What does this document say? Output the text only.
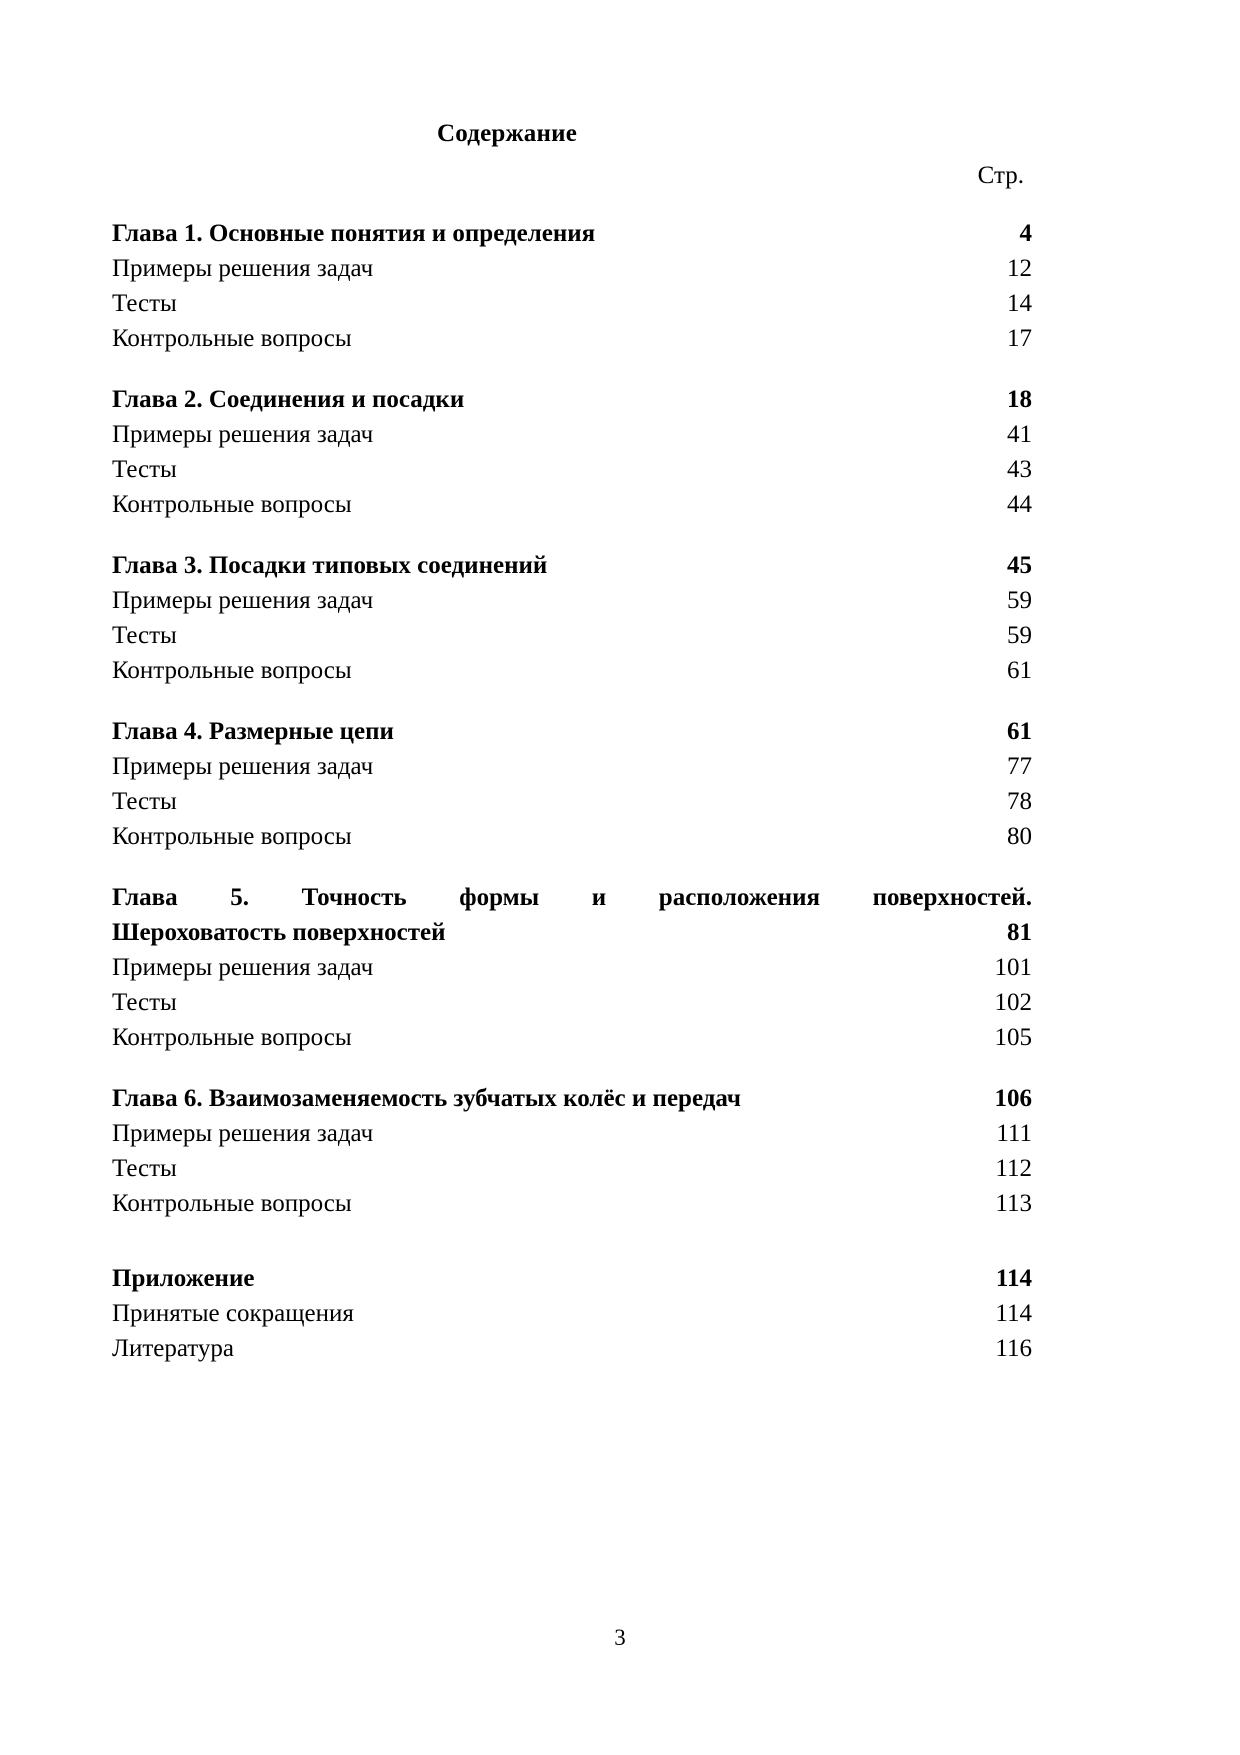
Содержание
Стр.
Глава 1. Основные понятия и определения	4
Примеры решения задач	12
Тесты	14
Контрольные вопросы	17
Глава 2. Соединения и посадки	18
Примеры решения задач	41
Тесты	43
Контрольные вопросы	44
Глава 3. Посадки типовых соединений	45
Примеры решения задач	59
Тесты	59
Контрольные вопросы	61
Глава 4. Размерные цепи	61
Примеры решения задач	77
Тесты	78
Контрольные вопросы	80
Глава 5. Точность формы и расположения поверхностей.
Шероховатость поверхностей	81
Примеры решения задач	101
Тесты	102
Контрольные вопросы	105
Глава 6. Взаимозаменяемость зубчатых колёс и передач	106
Примеры решения задач	111
Тесты	112
Контрольные вопросы	113
Приложение	114
Принятые сокращения	114
Литература	116
3
